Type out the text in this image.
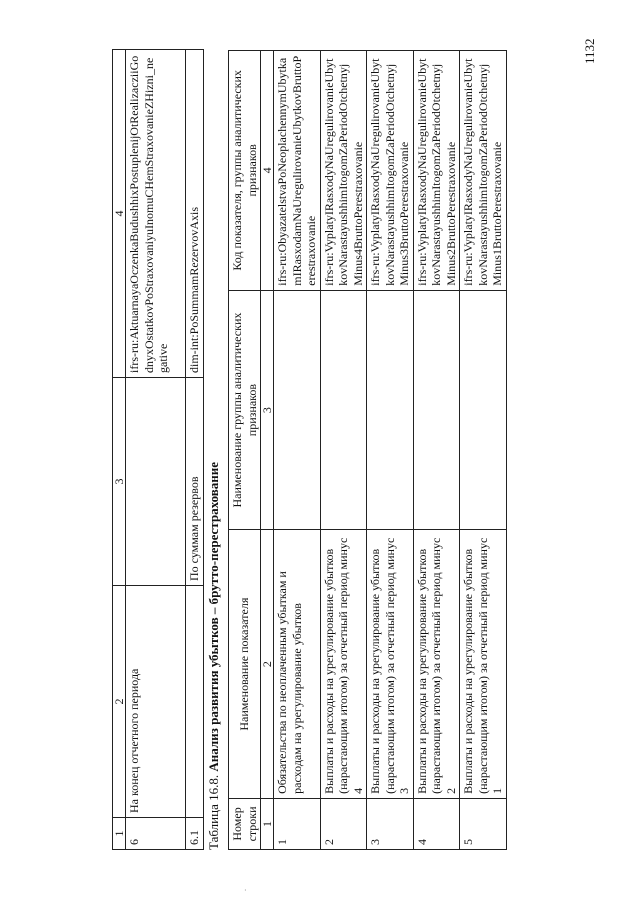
1132
·
1	2	3	4
6	На конец отчетного периода		ifrs-ru:AktuarnayaOczenkaBudushhixPostuplenijOtRealizacziiGodnyxOstatkovPoStraxovaniyuInomuCHemStraxovanieZHizni_negative
6.1		По суммам резервов	dim-int:PoSummamRezervovAxis
Таблица 16.8. Анализ развития убытков – брутто-перестрахование
Номер строки	Наименование показателя	Наименование группы аналитических признаков	Код показателя, группы аналитических признаков
1	2	3	4
1	Обязательства по неоплаченным убыткам и расходам на урегулирование убытков		ifrs-ru:ObyazatelstvaPoNeoplachennymUbytkamIRasxodamNaUregulirovanieUbytkovBruttoPerestraxovanie
2	Выплаты и расходы на урегулирование убытков (нарастающим итогом) за отчетный период минус 4		ifrs-ru:VyplatyIRasxodyNaUregulirovanieUbytkovNarastayushhimItogomZaPeriodOtchetnyjMinus4BruttoPerestraxovanie
3	Выплаты и расходы на урегулирование убытков (нарастающим итогом) за отчетный период минус 3		ifrs-ru:VyplatyIRasxodyNaUregulirovanieUbytkovNarastayushhimItogomZaPeriodOtchetnyjMinus3BruttoPerestraxovanie
4	Выплаты и расходы на урегулирование убытков (нарастающим итогом) за отчетный период минус 2		ifrs-ru:VyplatyIRasxodyNaUregulirovanieUbytkovNarastayushhimItogomZaPeriodOtchetnyjMinus2BruttoPerestraxovanie
5	Выплаты и расходы на урегулирование убытков (нарастающим итогом) за отчетный период минус 1		ifrs-ru:VyplatyIRasxodyNaUregulirovanieUbytkovNarastayushhimItogomZaPeriodOtchetnyjMinus1BruttoPerestraxovanie
